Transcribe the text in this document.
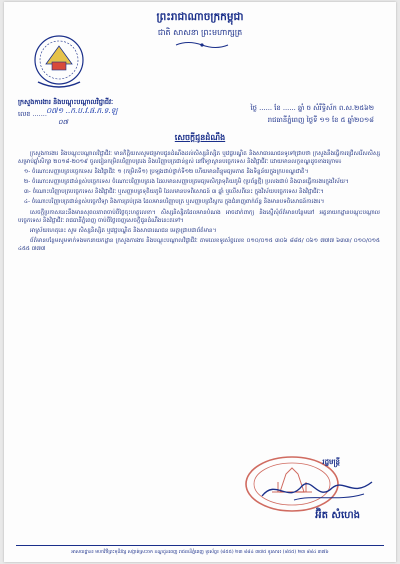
ព្រះរាជាណាចក្រកម្ពុជា
ជាតិ សាសនា ព្រះមហាក្សត្រ
ក្រសួងការងារ និងបណ្តុះបណ្តាលវិជ្ជាជីវៈ
លេខ ....... ០៧១ ..ក.ប.វ.ផ.ភ.ទ.ឡ
០៧
ថ្ងៃ ...... ខែ ...... ឆ្នាំ ច សំរឹទ្ធិស័ក ព.ស.២៥៦២
រាជធានីភ្នំពេញ ថ្ងៃទី ១១ ខែ ៥ ឆ្នាំ២០១៨
សេចក្តីជូនដំណឹង

ក្រសួងការងារ និងបណ្តុះបណ្តាលវិជ្ជាជីវៈ មានកិត្តិយសសូមជម្រាបជូនដំណឹងដល់សិស្សនិស្សិត ឬវេជ្ជបណ្ឌិត និងសាធារណជនទូទៅជ្រាបថា ក្រសួងនឹងធ្វើការជ្រើសរើសសិស្ស សម្រាប់ឆ្នាំសិក្សា ២០១៨-២០១៩ ចូលរៀនកម្រិតបរិញ្ញាបត្ររង និងបរិញ្ញាបត្រជាន់ខ្ពស់ នៅវិទ្យាស្ថានបច្ចេកទេស និងវិជ្ជាជីវៈ ដោយមានលក្ខខណ្ឌដូចខាងក្រោម៖

១- ចំណោះសញ្ញាបត្របច្ចេកទេស និងវិជ្ជាជីវៈ ១ (កម្រិតទី១) ប្រឡងជាប់ថ្នាក់ទី១២ ហើយមានពិន្ទុមធ្យមភាគ និងទិន្នន័យក្នុងក្របខណ្ឌជាតិ។

២- ចំណោះសញ្ញាបត្រជាន់ខ្ពស់បច្ចេកទេស ចំណោះបរិញ្ញាបត្ររង ដែលមានសញ្ញាបត្រមធ្យមសិក្សាទុតិយភូមិ (ប្រព័ន្ធថ្មី) ប្រលងជាប់ និងបានធ្វើការងារក្នុងវិស័យ។

៣- ចំណោះបរិញ្ញាបត្របច្ចេកទេស និងវិជ្ជាជីវៈ ឬសញ្ញាបត្រទុតិយភូមិ ដែលមានបទពិសោធន៍ ៣ ឆ្នាំ ឬលើសពីនេះ ក្នុងវិស័យបច្ចេកទេស និងវិជ្ជាជីវៈ។

៤- ចំណោះបរិញ្ញាបត្រជាន់ខ្ពស់បច្ចេកវិទ្យា និងការគ្រប់គ្រង ដែលមានបរិញ្ញាបត្រ ឬសញ្ញាបត្រវិស្វករ ក្នុងជំនាញពាក់ព័ន្ធ និងមានបទពិសោធន៍ការងារ។

សេចក្តីប្រកាសនេះនឹងមានសុពលភាពចាប់ពីថ្ងៃចុះហត្ថលេខា។ សិស្សនិស្សិតដែលមានបំណង អាចដាក់ពាក្យ និងស្នើសុំព័ត៌មានបន្ថែមនៅ អគ្គនាយកដ្ឋានបណ្តុះបណ្តាលបច្ចេកទេស និងវិជ្ជាជីវៈ រាជធានីភ្នំពេញ ចាប់ពីថ្ងៃចេញសេចក្តីជូនដំណឹងនេះតទៅ។

អាស្រ័យហេតុនេះ សូម សិស្សនិស្សិត ឬវេជ្ជបណ្ឌិត និងសាធារណជន មេត្តាជ្រាបជាព័ត៌មាន។

ព័ត៌មានបន្ថែមសូមទាក់ទងមកនាយកដ្ឋាន ក្រសួងការងារ និងបណ្តុះបណ្តាលវិជ្ជាជីវៈ តាមលេខទូរស័ព្ទលេខ ០១០/០១៥ ៣០៦ ៨៨៥/ ០៦១ ៧៧៧ ៦៣៣/ ០១០/០១៥ ៤៥៥ ៧៧៧

រដ្ឋមន្ត្រី
អ៊ិត សំហេង
អាសយដ្ឋាន៖ មហាវិថីព្រះមុនីវង្ស សង្កាត់ស្រះចក ខណ្ឌដូនពេញ រាជធានីភ្នំពេញ ទូរស័ព្ទ៖ (៨៥៥) ២៣ ៨៨៤ ៣៧៥ ទូរសារ៖ (៨៥៥) ២៣ ៨៨៤ ៣៧៦
